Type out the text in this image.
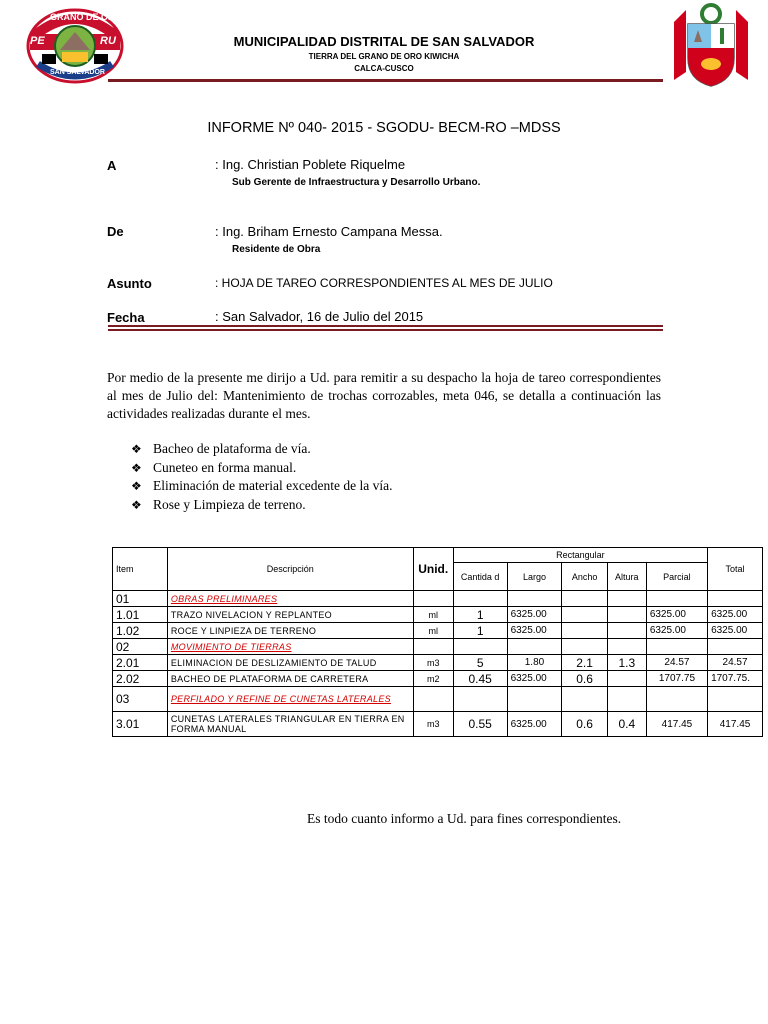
GRANO DE ORO
PE	RU
SAN SALVADOR
MUNICIPALIDAD DISTRITAL DE SAN SALVADOR
TIERRA DEL GRANO DE ORO KIWICHA
CALCA-CUSCO
INFORME Nº 040- 2015 - SGODU- BECM-RO –MDSS
A	: Ing. Christian Poblete Riquelme
Sub Gerente de Infraestructura y Desarrollo Urbano.
De	: Ing. Briham Ernesto Campana Messa.
Residente de Obra
Asunto	: HOJA DE TAREO CORRESPONDIENTES AL MES DE JULIO
Fecha	: San Salvador, 16 de Julio del 2015
Por medio de la presente me dirijo a Ud. para remitir a su despacho la hoja de tareo correspondientes al mes de Julio del: Mantenimiento de trochas corrozables, meta 046, se detalla a continuación las actividades realizadas durante el mes.
❖ Bacheo de plataforma de vía.
❖ Cuneteo en forma manual.
❖ Eliminación de material excedente de la vía.
❖ Rose y Limpieza de terreno.
Item	Descripción	Unid.	Rectangular					Total
			Cantida d	Largo	Ancho	Altura	Parcial	
01	OBRAS PRELIMINARES							
1.01	TRAZO NIVELACION Y REPLANTEO	ml	1	6325.00			6325.00	6325.00
1.02	ROCE Y LINPIEZA DE TERRENO	ml	1	6325.00			6325.00	6325.00
02	MOVIMIENTO DE TIERRAS							
2.01	ELIMINACION DE DESLIZAMIENTO DE TALUD	m3	5	1.80	2.1	1.3	24.57	24.57
2.02	BACHEO DE PLATAFORMA DE CARRETERA	m2	0.45	6325.00	0.6		1707.75	1707.75.
03	PERFILADO Y REFINE DE CUNETAS LATERALES							
3.01	CUNETAS LATERALES TRIANGULAR EN TIERRA EN FORMA MANUAL	m3	0.55	6325.00	0.6	0.4	417.45	417.45
Es todo cuanto informo a Ud. para fines correspondientes.
